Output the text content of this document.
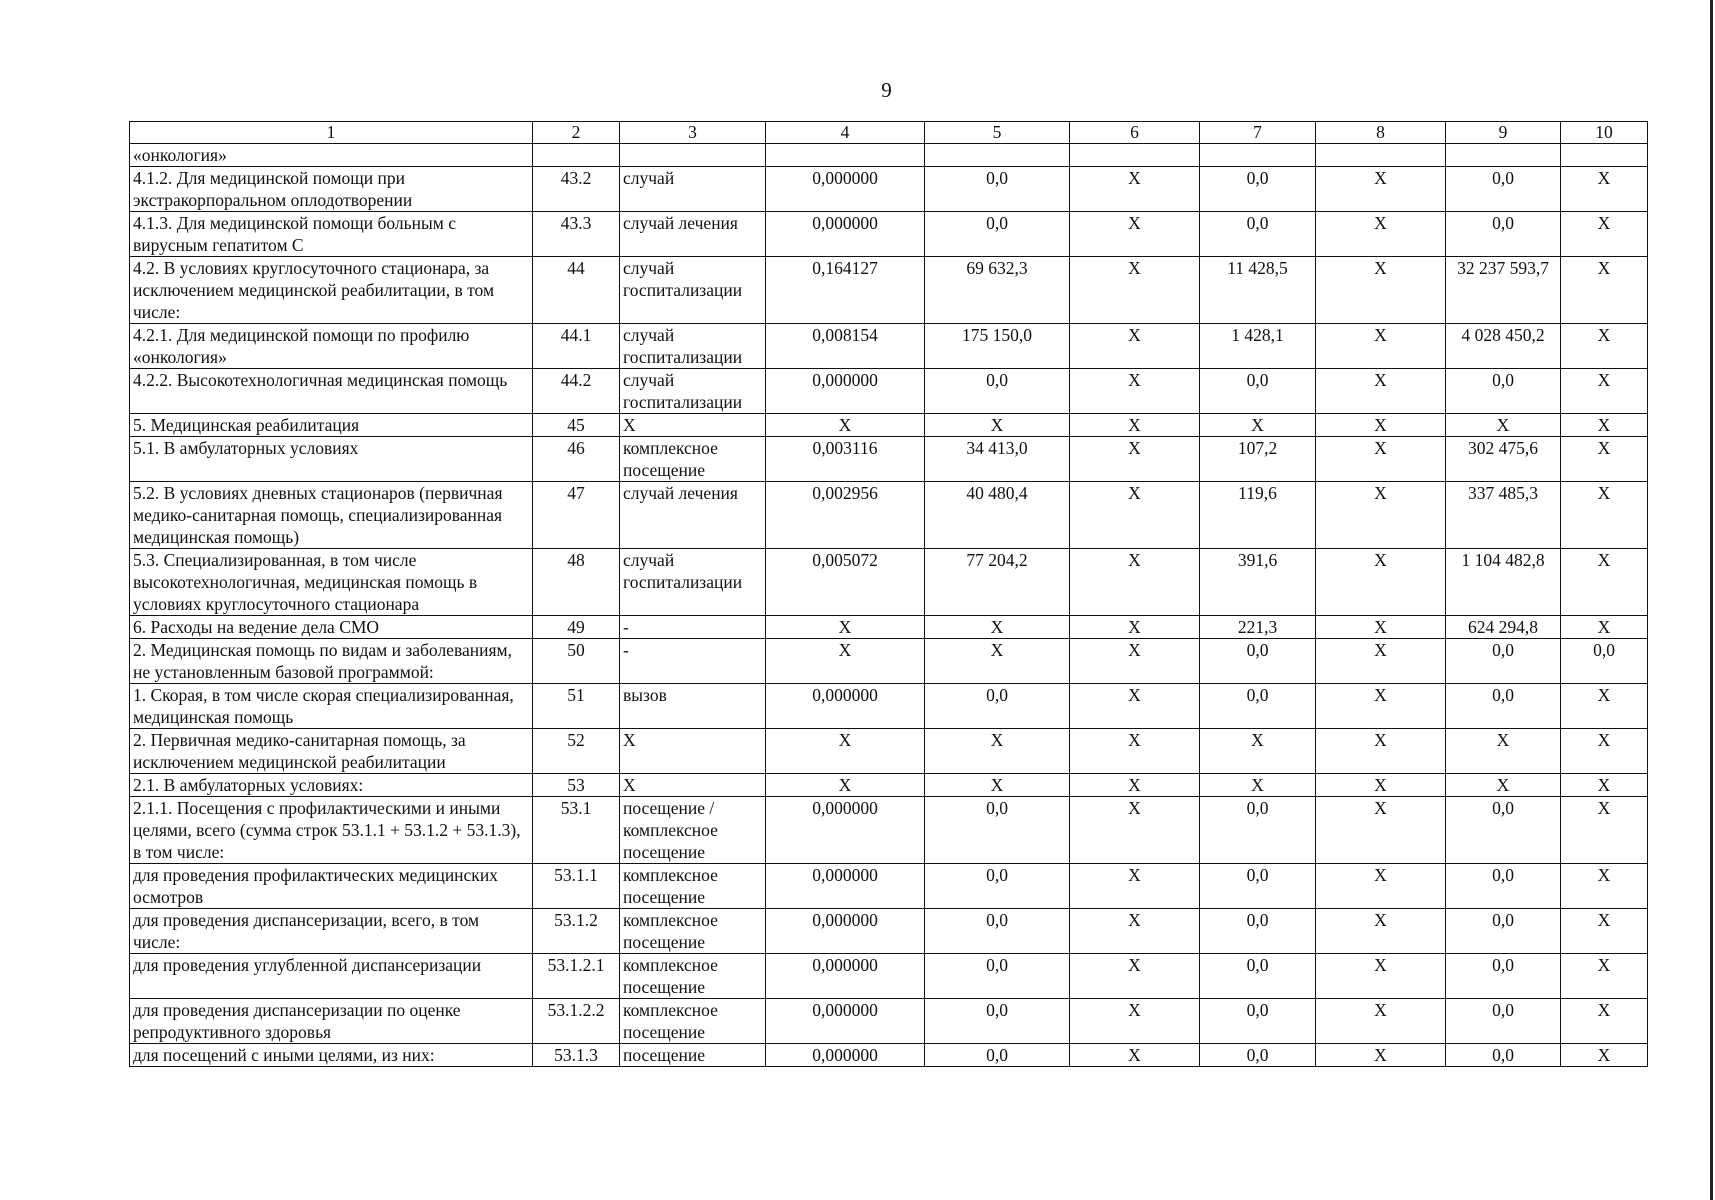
9
1	2	3	4	5	6	7	8	9	10
«онкология»									
4.1.2. Для медицинской помощи при экстракорпоральном оплодотворении	43.2	случай	0,000000	0,0	X	0,0	X	0,0	X
4.1.3. Для медицинской помощи больным с вирусным гепатитом С	43.3	случай лечения	0,000000	0,0	X	0,0	X	0,0	X
4.2. В условиях круглосуточного стационара, за исключением медицинской реабилитации, в том числе:	44	случай госпитализации	0,164127	69 632,3	X	11 428,5	X	32 237 593,7	X
4.2.1. Для медицинской помощи по профилю «онкология»	44.1	случай госпитализации	0,008154	175 150,0	X	1 428,1	X	4 028 450,2	X
4.2.2. Высокотехнологичная медицинская помощь	44.2	случай госпитализации	0,000000	0,0	X	0,0	X	0,0	X
5. Медицинская реабилитация	45	X	X	X	X	X	X	X	X
5.1. В амбулаторных условиях	46	комплексное посещение	0,003116	34 413,0	X	107,2	X	302 475,6	X
5.2. В условиях дневных стационаров (первичная медико-санитарная помощь, специализированная медицинская помощь)	47	случай лечения	0,002956	40 480,4	X	119,6	X	337 485,3	X
5.3. Специализированная, в том числе высокотехнологичная, медицинская помощь в условиях круглосуточного стационара	48	случай госпитализации	0,005072	77 204,2	X	391,6	X	1 104 482,8	X
6. Расходы на ведение дела СМО	49	-	X	X	X	221,3	X	624 294,8	X
2. Медицинская помощь по видам и заболеваниям, не установленным базовой программой:	50	-	X	X	X	0,0	X	0,0	0,0
1. Скорая, в том числе скорая специализированная, медицинская помощь	51	вызов	0,000000	0,0	X	0,0	X	0,0	X
2. Первичная медико-санитарная помощь, за исключением медицинской реабилитации	52	X	X	X	X	X	X	X	X
2.1. В амбулаторных условиях:	53	X	X	X	X	X	X	X	X
2.1.1. Посещения с профилактическими и иными целями, всего (сумма строк 53.1.1 + 53.1.2 + 53.1.3), в том числе:	53.1	посещение / комплексное посещение	0,000000	0,0	X	0,0	X	0,0	X
для проведения профилактических медицинских осмотров	53.1.1	комплексное посещение	0,000000	0,0	X	0,0	X	0,0	X
для проведения диспансеризации, всего, в том числе:	53.1.2	комплексное посещение	0,000000	0,0	X	0,0	X	0,0	X
для проведения углубленной диспансеризации	53.1.2.1	комплексное посещение	0,000000	0,0	X	0,0	X	0,0	X
для проведения диспансеризации по оценке репродуктивного здоровья	53.1.2.2	комплексное посещение	0,000000	0,0	X	0,0	X	0,0	X
для посещений с иными целями, из них:	53.1.3	посещение	0,000000	0,0	X	0,0	X	0,0	X
